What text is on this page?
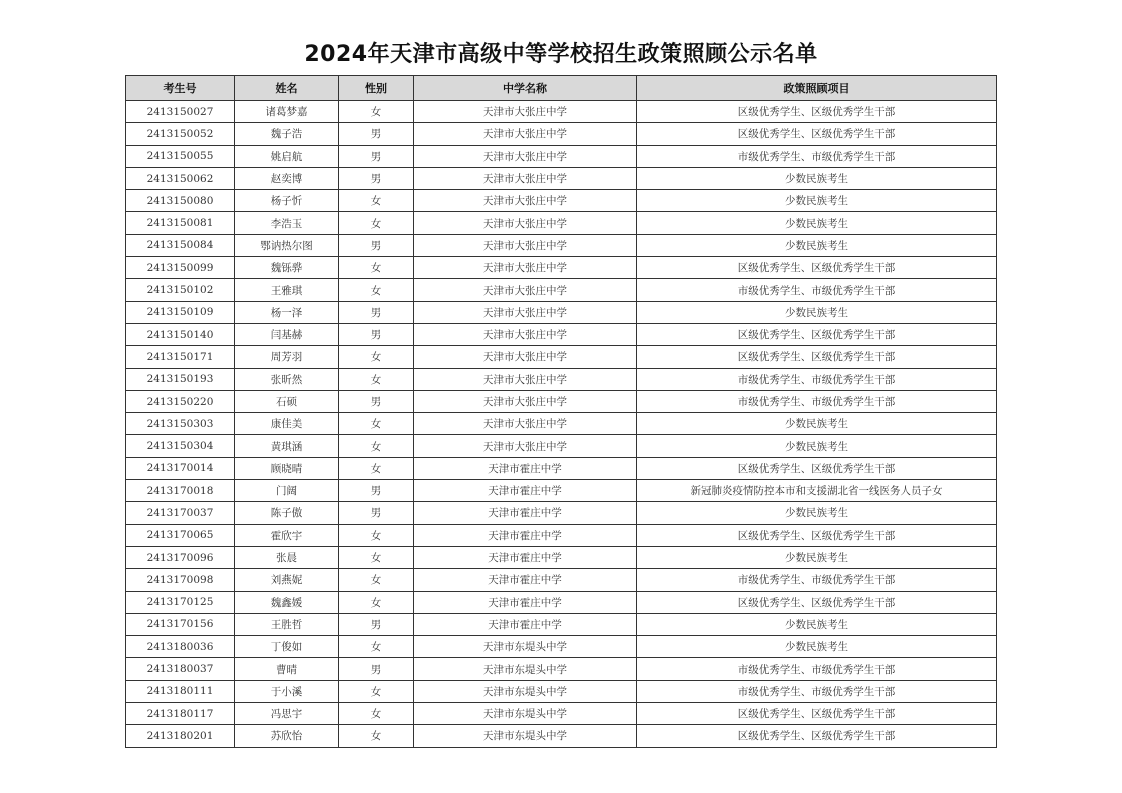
2024年天津市高级中等学校招生政策照顾公示名单
考生号	姓名	性别	中学名称	政策照顾项目
2413150027	诸葛梦嘉	女	天津市大张庄中学	区级优秀学生、区级优秀学生干部
2413150052	魏子浩	男	天津市大张庄中学	区级优秀学生、区级优秀学生干部
2413150055	姚启航	男	天津市大张庄中学	市级优秀学生、市级优秀学生干部
2413150062	赵奕博	男	天津市大张庄中学	少数民族考生
2413150080	杨子忻	女	天津市大张庄中学	少数民族考生
2413150081	李浩玉	女	天津市大张庄中学	少数民族考生
2413150084	鄂讷热尔图	男	天津市大张庄中学	少数民族考生
2413150099	魏铄骅	女	天津市大张庄中学	区级优秀学生、区级优秀学生干部
2413150102	王雅琪	女	天津市大张庄中学	市级优秀学生、市级优秀学生干部
2413150109	杨一泽	男	天津市大张庄中学	少数民族考生
2413150140	闫基赫	男	天津市大张庄中学	区级优秀学生、区级优秀学生干部
2413150171	周芳羽	女	天津市大张庄中学	区级优秀学生、区级优秀学生干部
2413150193	张昕然	女	天津市大张庄中学	市级优秀学生、市级优秀学生干部
2413150220	石硕	男	天津市大张庄中学	市级优秀学生、市级优秀学生干部
2413150303	康佳美	女	天津市大张庄中学	少数民族考生
2413150304	黄琪涵	女	天津市大张庄中学	少数民族考生
2413170014	顾晓晴	女	天津市霍庄中学	区级优秀学生、区级优秀学生干部
2413170018	门阔	男	天津市霍庄中学	新冠肺炎疫情防控本市和支援湖北省一线医务人员子女
2413170037	陈子傲	男	天津市霍庄中学	少数民族考生
2413170065	霍欣宇	女	天津市霍庄中学	区级优秀学生、区级优秀学生干部
2413170096	张晨	女	天津市霍庄中学	少数民族考生
2413170098	刘燕妮	女	天津市霍庄中学	市级优秀学生、市级优秀学生干部
2413170125	魏鑫媛	女	天津市霍庄中学	区级优秀学生、区级优秀学生干部
2413170156	王胜哲	男	天津市霍庄中学	少数民族考生
2413180036	丁俊如	女	天津市东堤头中学	少数民族考生
2413180037	曹晴	男	天津市东堤头中学	市级优秀学生、市级优秀学生干部
2413180111	于小溪	女	天津市东堤头中学	市级优秀学生、市级优秀学生干部
2413180117	冯思宇	女	天津市东堤头中学	区级优秀学生、区级优秀学生干部
2413180201	苏欣怡	女	天津市东堤头中学	区级优秀学生、区级优秀学生干部
